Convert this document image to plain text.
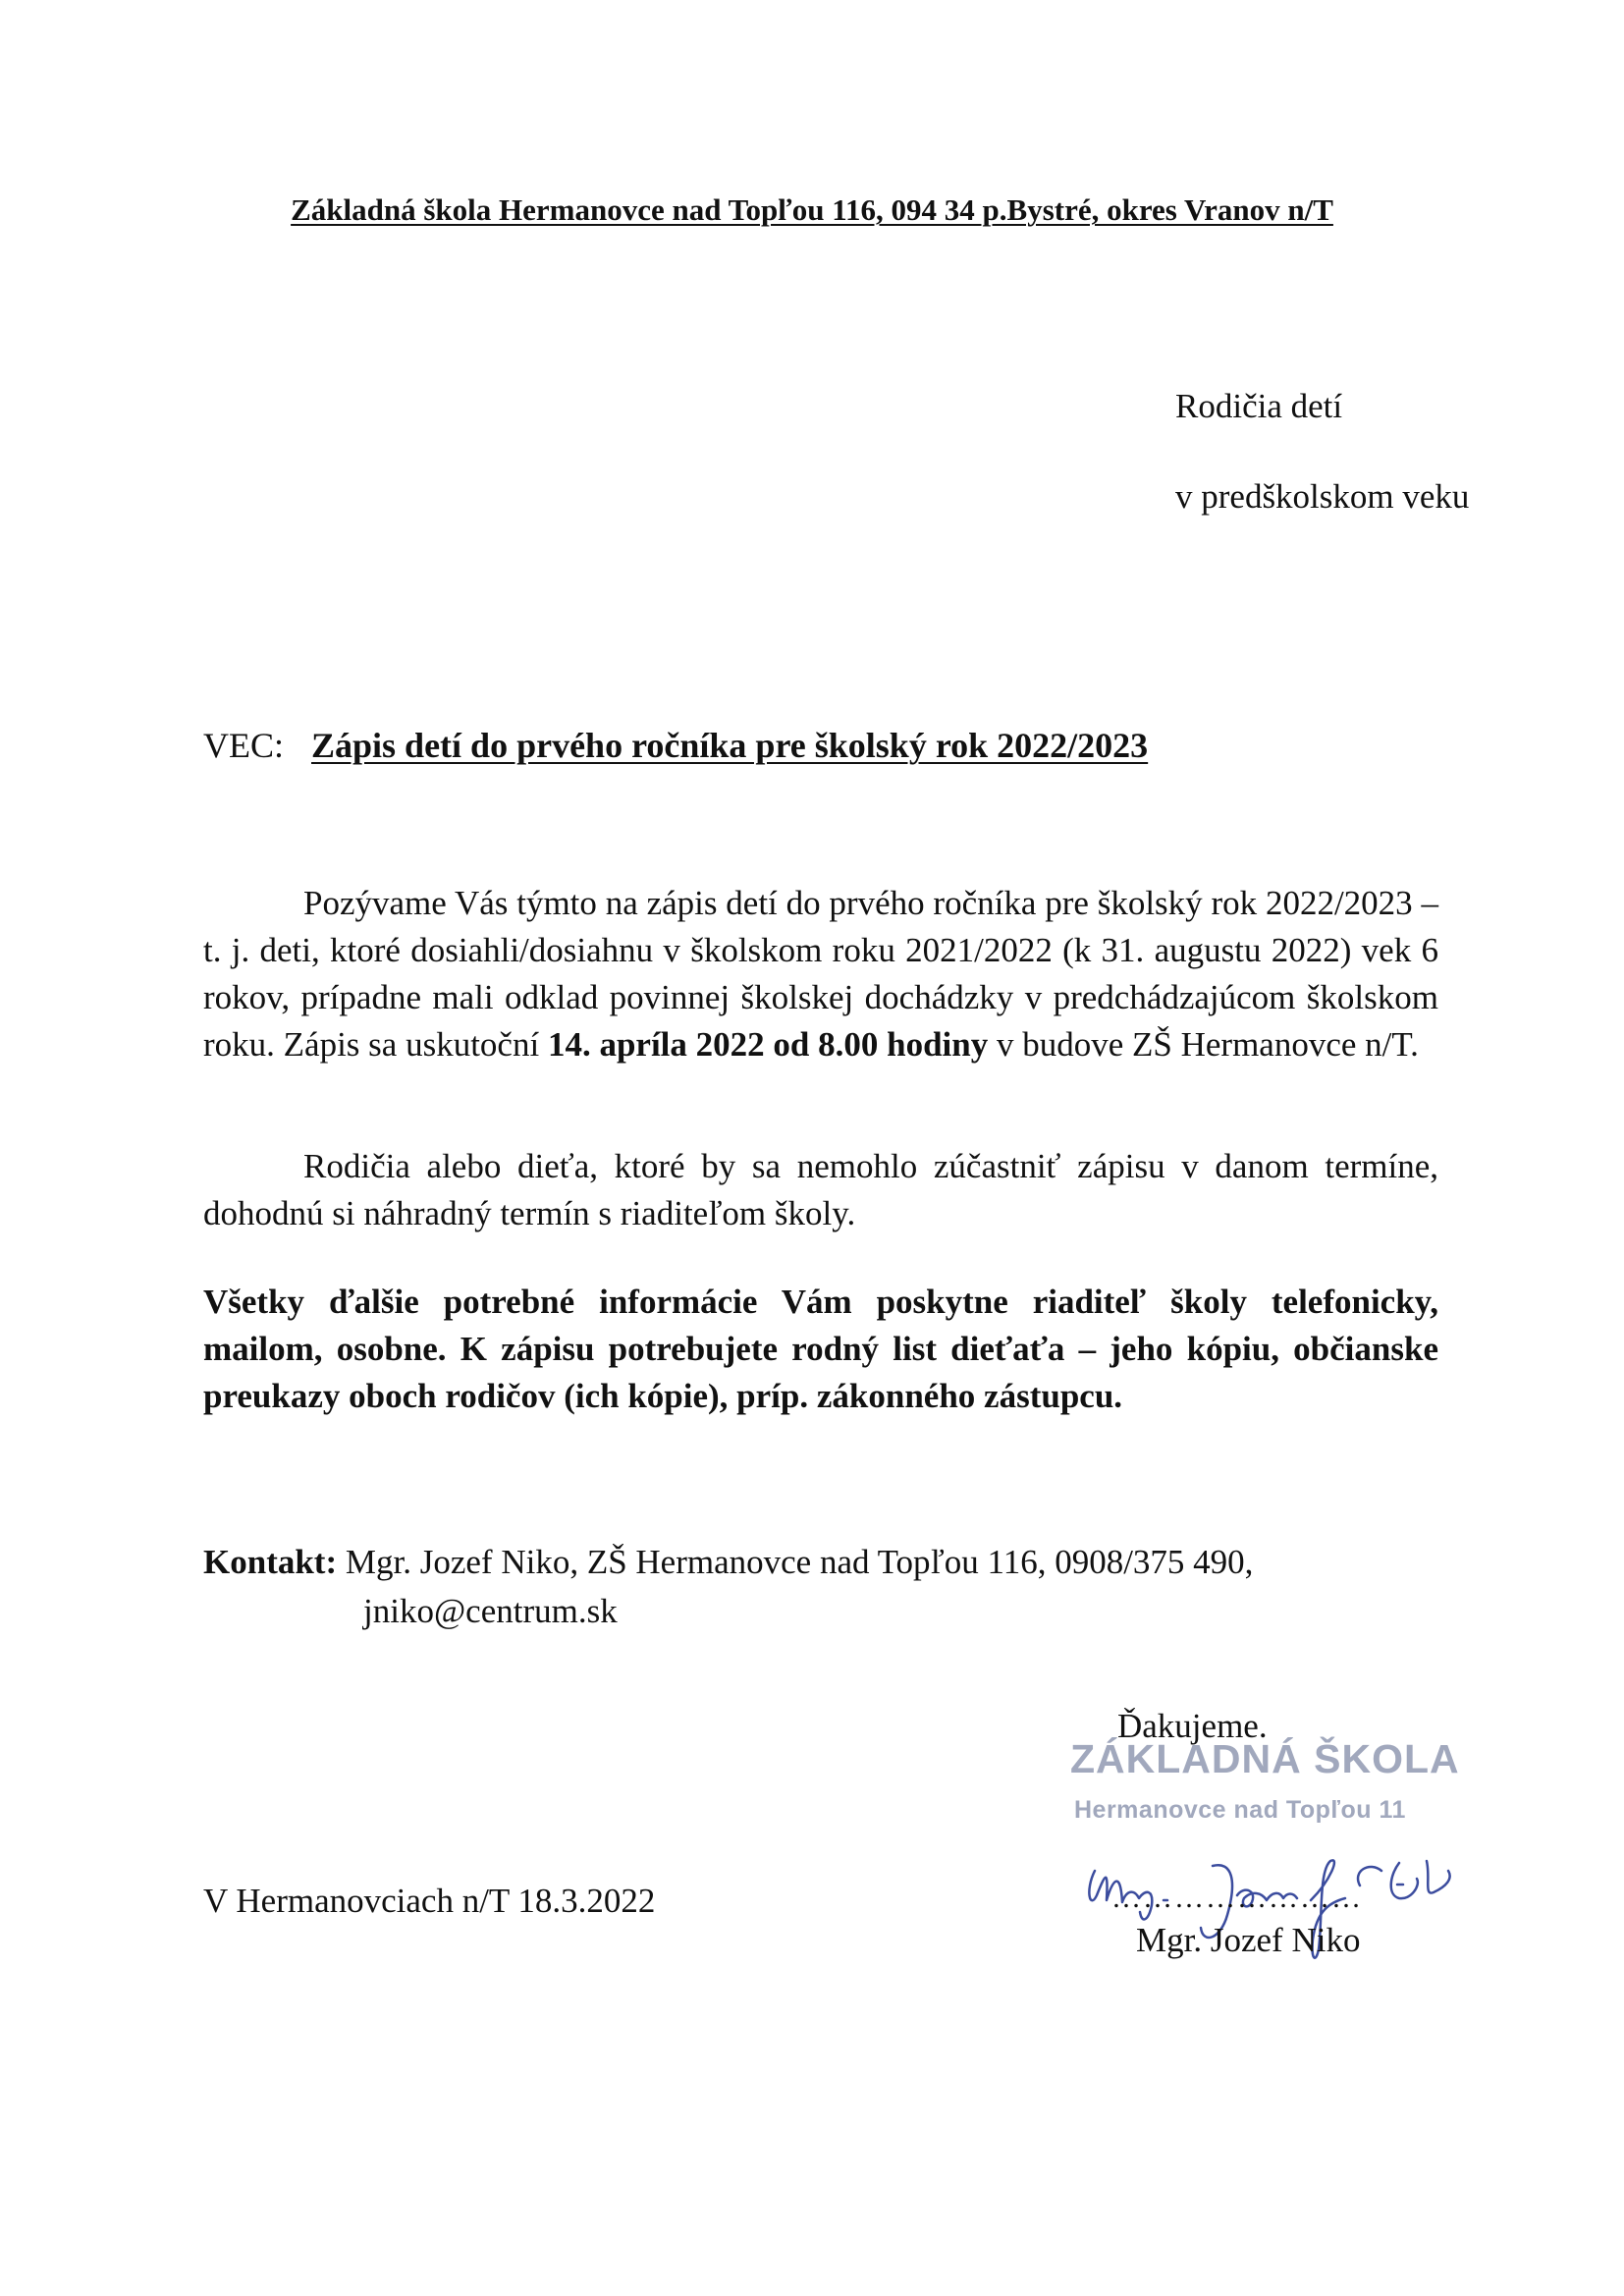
Základná škola Hermanovce nad Topľou 116, 094 34 p.Bystré, okres Vranov n/T
Rodičia detí
v predškolskom veku
VEC: Zápis detí do prvého ročníka pre školský rok 2022/2023
Pozývame Vás týmto na zápis detí do prvého ročníka pre školský rok 2022/2023 – t. j. deti, ktoré dosiahli/dosiahnu v školskom roku 2021/2022 (k 31. augustu 2022) vek 6 rokov, prípadne mali odklad povinnej školskej dochádzky v predchádzajúcom školskom roku. Zápis sa uskutoční 14. apríla 2022 od 8.00 hodiny v budove ZŠ Hermanovce n/T.
Rodičia alebo dieťa, ktoré by sa nemohlo zúčastniť zápisu v danom termíne, dohodnú si náhradný termín s riaditeľom školy.
Všetky ďalšie potrebné informácie Vám poskytne riaditeľ školy telefonicky, mailom, osobne. K zápisu potrebujete rodný list dieťaťa – jeho kópiu, občianske preukazy oboch rodičov (ich kópie), príp. zákonného zástupcu.
Kontakt: Mgr. Jozef Niko, ZŠ Hermanovce nad Topľou 116, 0908/375 490,
jniko@centrum.sk
ZÁKLADNÁ ŠKOLA
Hermanovce nad Topľou 11
Ďakujeme.
……………………
Mgr. Jozef Niko
V Hermanovciach n/T 18.3.2022
